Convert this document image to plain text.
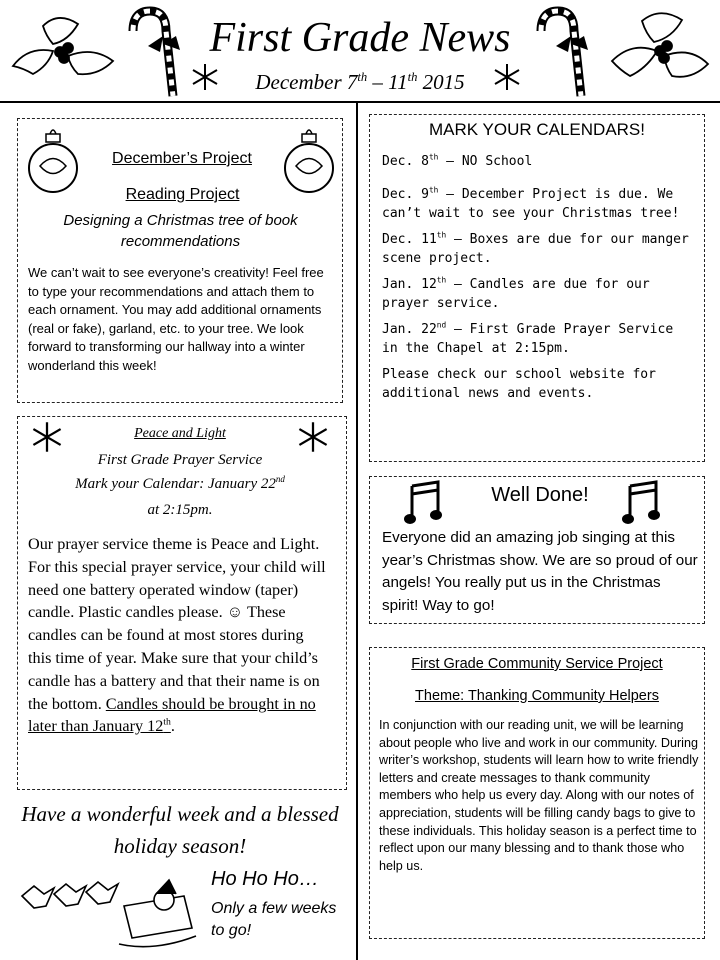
First Grade News
December 7th – 11th 2015
December’s Project
Reading Project
Designing a Christmas tree of book recommendations
We can’t wait to see everyone’s creativity! Feel free to type your recommendations and attach them to each ornament. You may add additional ornaments (real or fake), garland, etc. to your tree. We look forward to transforming our hallway into a winter wonderland this week!
Peace and Light
First Grade Prayer Service
Mark your Calendar: January 22nd
at 2:15pm.
Our prayer service theme is Peace and Light. For this special prayer service, your child will need one battery operated window (taper) candle. Plastic candles please. ☺ These candles can be found at most stores during this time of year. Make sure that your child’s candle has a battery and that their name is on the bottom. Candles should be brought in no later than January 12th.
Have a wonderful week and a blessed holiday season!
Ho Ho Ho…
Only a few weeks to go!
MARK YOUR CALENDARS!

Dec. 8th – NO School

Dec. 9th – December Project is due. We can’t wait to see your Christmas tree!

Dec. 11th – Boxes are due for our manger scene project.

Jan. 12th – Candles are due for our prayer service.

Jan. 22nd – First Grade Prayer Service in the Chapel at 2:15pm.

Please check our school website for additional news and events.

Well Done!
Everyone did an amazing job singing at this year’s Christmas show. We are so proud of our angels! You really put us in the Christmas spirit! Way to go!
First Grade Community Service Project
Theme: Thanking Community Helpers
In conjunction with our reading unit, we will be learning about people who live and work in our community. During writer’s workshop, students will learn how to write friendly letters and create messages to thank community members who help us every day. Along with our notes of appreciation, students will be filling candy bags to give to these individuals. This holiday season is a perfect time to reflect upon our many blessing and to thank those who help us.
